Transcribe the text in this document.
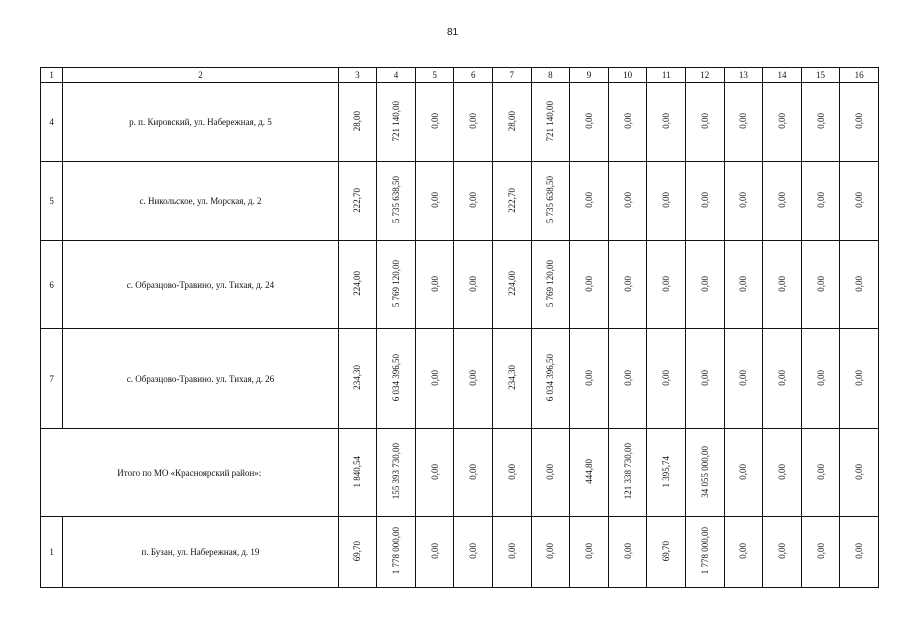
81
1	2	3	4	5	6	7	8	9	10	11	12	13	14	15	16
4	р. п. Кировский, ул. Набережная, д. 5	28,00	721 140,00	0,00	0,00	28,00	721 140,00	0,00	0,00	0,00	0,00	0,00	0,00	0,00	0,00
5	с. Никольское, ул. Морская, д. 2	222,70	5 735 638,50	0,00	0,00	222,70	5 735 638,50	0,00	0,00	0,00	0,00	0,00	0,00	0,00	0,00
6	с. Образцово-Травино, ул. Тихая, д. 24	224,00	5 769 120,00	0,00	0,00	224,00	5 769 120,00	0,00	0,00	0,00	0,00	0,00	0,00	0,00	0,00
7	с. Образцово-Травино. ул. Тихая, д. 26	234,30	6 034 396,50	0,00	0,00	234,30	6 034 396,50	0,00	0,00	0,00	0,00	0,00	0,00	0,00	0,00
Итого по МО «Красноярский район»:		1 840,54	155 393 730,00	0,00	0,00	0,00	0,00	444,80	121 338 730,00	1 395,74	34 055 000,00	0,00	0,00	0,00	0,00
1	п. Бузан, ул. Набережная, д. 19	69,70	1 778 000,00	0,00	0,00	0,00	0,00	0,00	0,00	69,70	1 778 000,00	0,00	0,00	0,00	0,00
